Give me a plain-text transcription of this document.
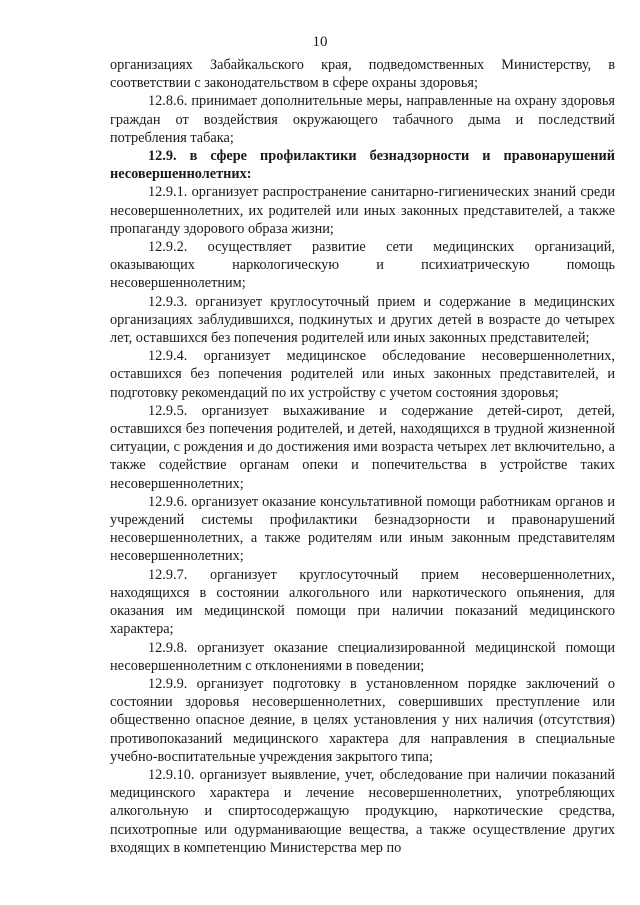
10

организациях Забайкальского края, подведомственных Министерству, в соответствии с законодательством в сфере охраны здоровья;

12.8.6. принимает дополнительные меры, направленные на охрану здоровья граждан от воздействия окружающего табачного дыма и последствий потребления табака;

12.9. в сфере профилактики безнадзорности и правонарушений несовершеннолетних:

12.9.1. организует распространение санитарно-гигиенических знаний среди несовершеннолетних, их родителей или иных законных представителей, а также пропаганду здорового образа жизни;

12.9.2. осуществляет развитие сети медицинских организаций, оказывающих наркологическую и психиатрическую помощь несовершеннолетним;

12.9.3. организует круглосуточный прием и содержание в медицинских организациях заблудившихся, подкинутых и других детей в возрасте до четырех лет, оставшихся без попечения родителей или иных законных представителей;

12.9.4. организует медицинское обследование несовершеннолетних, оставшихся без попечения родителей или иных законных представителей, и подготовку рекомендаций по их устройству с учетом состояния здоровья;

12.9.5. организует выхаживание и содержание детей-сирот, детей, оставшихся без попечения родителей, и детей, находящихся в трудной жизненной ситуации, с рождения и до достижения ими возраста четырех лет включительно, а также содействие органам опеки и попечительства в устройстве таких несовершеннолетних;

12.9.6. организует оказание консультативной помощи работникам органов и учреждений системы профилактики безнадзорности и правонарушений несовершеннолетних, а также родителям или иным законным представителям несовершеннолетних;

12.9.7. организует круглосуточный прием несовершеннолетних, находящихся в состоянии алкогольного или наркотического опьянения, для оказания им медицинской помощи при наличии показаний медицинского характера;

12.9.8. организует оказание специализированной медицинской помощи несовершеннолетним с отклонениями в поведении;

12.9.9. организует подготовку в установленном порядке заключений о состоянии здоровья несовершеннолетних, совершивших преступление или общественно опасное деяние, в целях установления у них наличия (отсутствия) противопоказаний медицинского характера для направления в специальные учебно-воспитательные учреждения закрытого типа;

12.9.10. организует выявление, учет, обследование при наличии показаний медицинского характера и лечение несовершеннолетних, употребляющих алкогольную и спиртосодержащую продукцию, наркотические средства, психотропные или одурманивающие вещества, а также осуществление других входящих в компетенцию Министерства мер по
